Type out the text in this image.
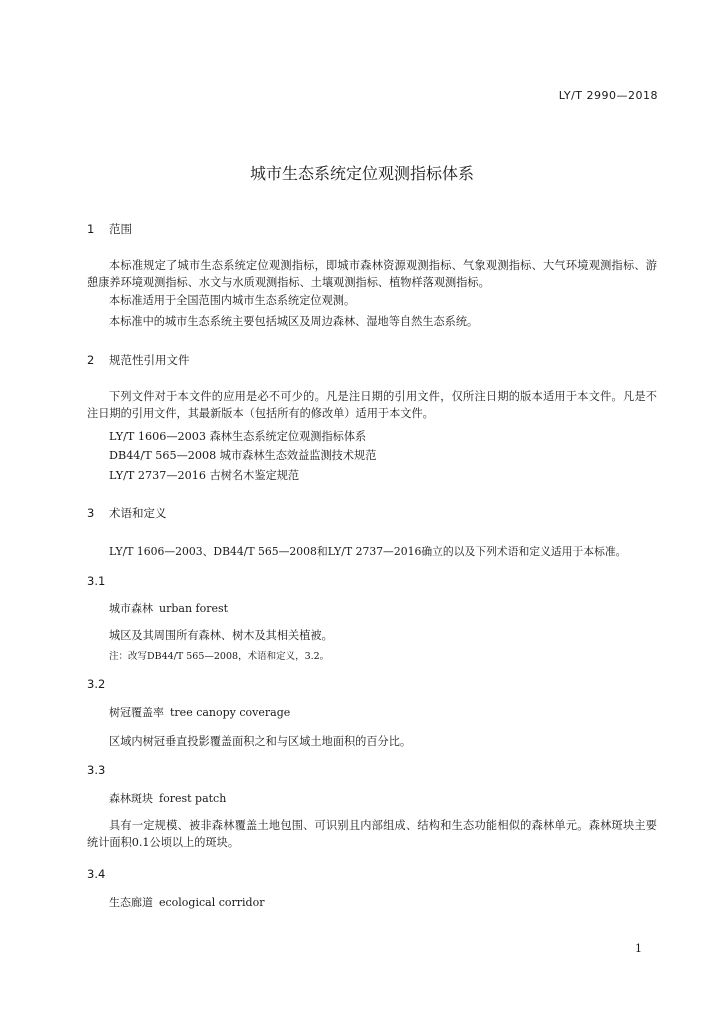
LY/T 2990—2018
城市生态系统定位观测指标体系
1 范围
本标准规定了城市生态系统定位观测指标，即城市森林资源观测指标、气象观测指标、大气环境观测指标、游憩康养环境观测指标、水文与水质观测指标、土壤观测指标、植物样落观测指标。
本标准适用于全国范围内城市生态系统定位观测。
本标准中的城市生态系统主要包括城区及周边森林、湿地等自然生态系统。
2 规范性引用文件
下列文件对于本文件的应用是必不可少的。凡是注日期的引用文件，仅所注日期的版本适用于本文件。凡是不注日期的引用文件，其最新版本（包括所有的修改单）适用于本文件。
LY/T 1606—2003 森林生态系统定位观测指标体系
DB44/T 565—2008 城市森林生态效益监测技术规范
LY/T 2737—2016 古树名木鉴定规范
3 术语和定义
LY/T 1606—2003、DB44/T 565—2008和LY/T 2737—2016确立的以及下列术语和定义适用于本标准。
3.1
城市森林 urban forest
城区及其周围所有森林、树木及其相关植被。
注：改写DB44/T 565—2008，术语和定义，3.2。
3.2
树冠覆盖率 tree canopy coverage
区域内树冠垂直投影覆盖面积之和与区域土地面积的百分比。
3.3
森林斑块 forest patch
具有一定规模、被非森林覆盖土地包围、可识别且内部组成、结构和生态功能相似的森林单元。森林斑块主要统计面积0.1公顷以上的斑块。
3.4
生态廊道 ecological corridor
1
